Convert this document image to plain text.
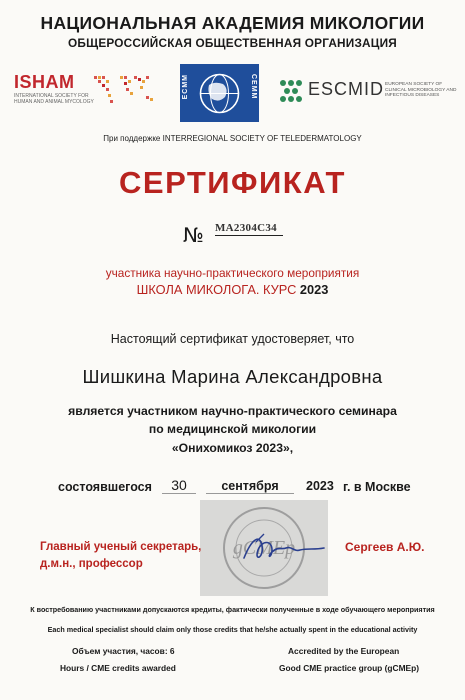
НАЦИОНАЛЬНАЯ АКАДЕМИЯ МИКОЛОГИИ
ОБЩЕРОССИЙСКАЯ ОБЩЕСТВЕННАЯ ОРГАНИЗАЦИЯ
ISHAM
INTERNATIONAL SOCIETY FOR HUMAN AND ANIMAL MYCOLOGY
ECMM	CEMM	ESCMID EUROPEAN SOCIETY OF CLINICAL MICROBIOLOGY AND INFECTIOUS DISEASES
При поддержке INTERREGIONAL SOCIETY OF TELEDERMATOLOGY
СЕРТИФИКАТ
№ МА2304С34
участника научно-практического мероприятия
ШКОЛА МИКОЛОГА. КУРС 2023
Настоящий сертификат удостоверяет, что
Шишкина Марина Александровна
является участником научно-практического семинара
по медицинской микологии
«Онихомикоз 2023»,
состоявшегося	30	сентября	2023 г. в Москве
gCMEp
Главный ученый секретарь,
д.м.н., профессор
Сергеев А.Ю.
К востребованию участниками допускаются кредиты, фактически полученные в ходе обучающего мероприятия
Each medical specialist should claim only those credits that he/she actually spent in the educational activity
Объем участия, часов: 6
Hours / CME credits awarded
Accredited by the European
Good CME practice group (gCMEp)
